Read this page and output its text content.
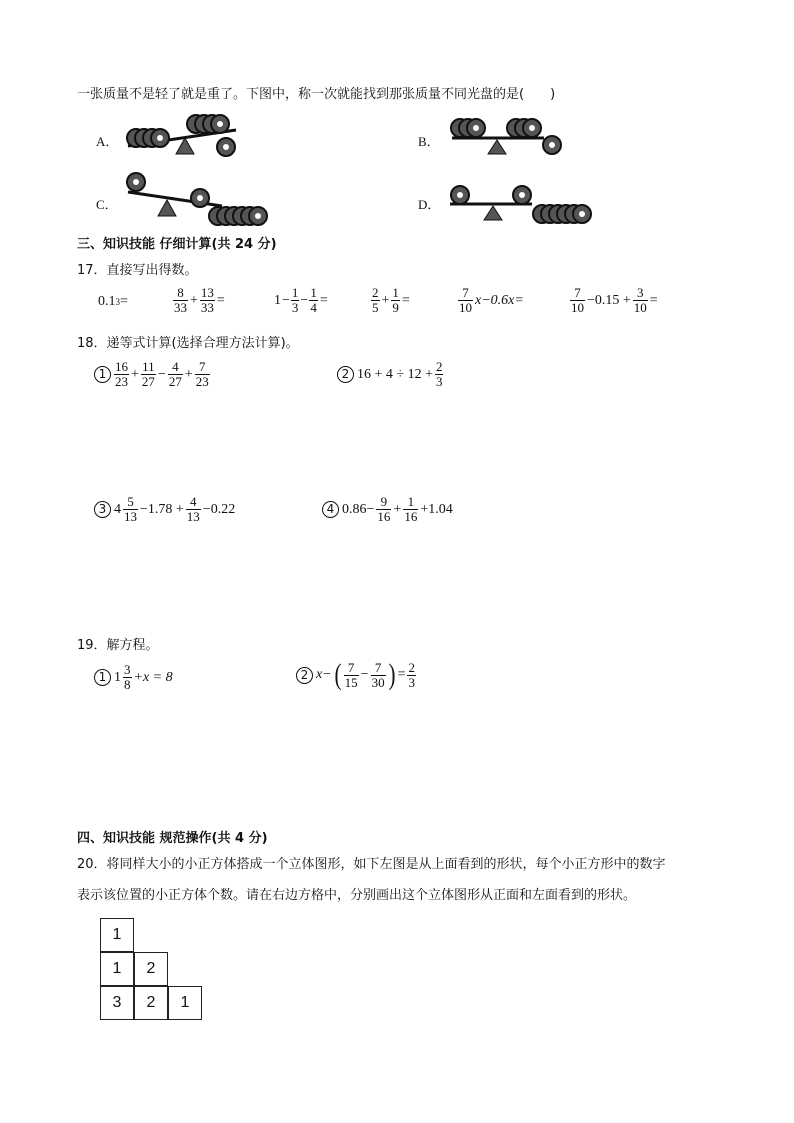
一张质量不是轻了就是重了。下图中，称一次就能找到那张质量不同光盘的是(　　)
A．	B．
C．	D．
三、知识技能 仔细计算(共 24 分)
17．直接写出得数。
0.1 3 =	$\frac{8}{33} + \frac{13}{33}$ =	$1 - \frac{1}{3} - \frac{1}{4}$ =	$\frac{2}{5} + \frac{1}{9}$ =	$\frac{7}{10} x-0.6x=$	$\frac{7}{10} -0.15 + \frac{3}{10}$ =
18．递等式计算(选择合理方法计算)。
$1 \frac{16}{23} + \frac{11}{27} - \frac{4}{27} + \frac{7}{23}$	2 $16 + 4 \div 12 + \frac{2}{3}$
3 $4 \frac{5}{13} -1.78 + \frac{4}{13} -0.22$	4 $0.86- \frac{9}{16} + \frac{1}{16} +1.04$
19．解方程。
1 $1 \frac{3}{8} +x = 8$	2 x− ( $\frac{7}{15} - \frac{7}{30}$ ) = $\frac{2}{3}$
四、知识技能 规范操作(共 4 分)
20．将同样大小的小正方体搭成一个立体图形，如下左图是从上面看到的形状，每个小正方形中的数字
表示该位置的小正方体个数。请在右边方格中，分别画出这个立体图形从正面和左面看到的形状。
1
1	2
3	2	1
